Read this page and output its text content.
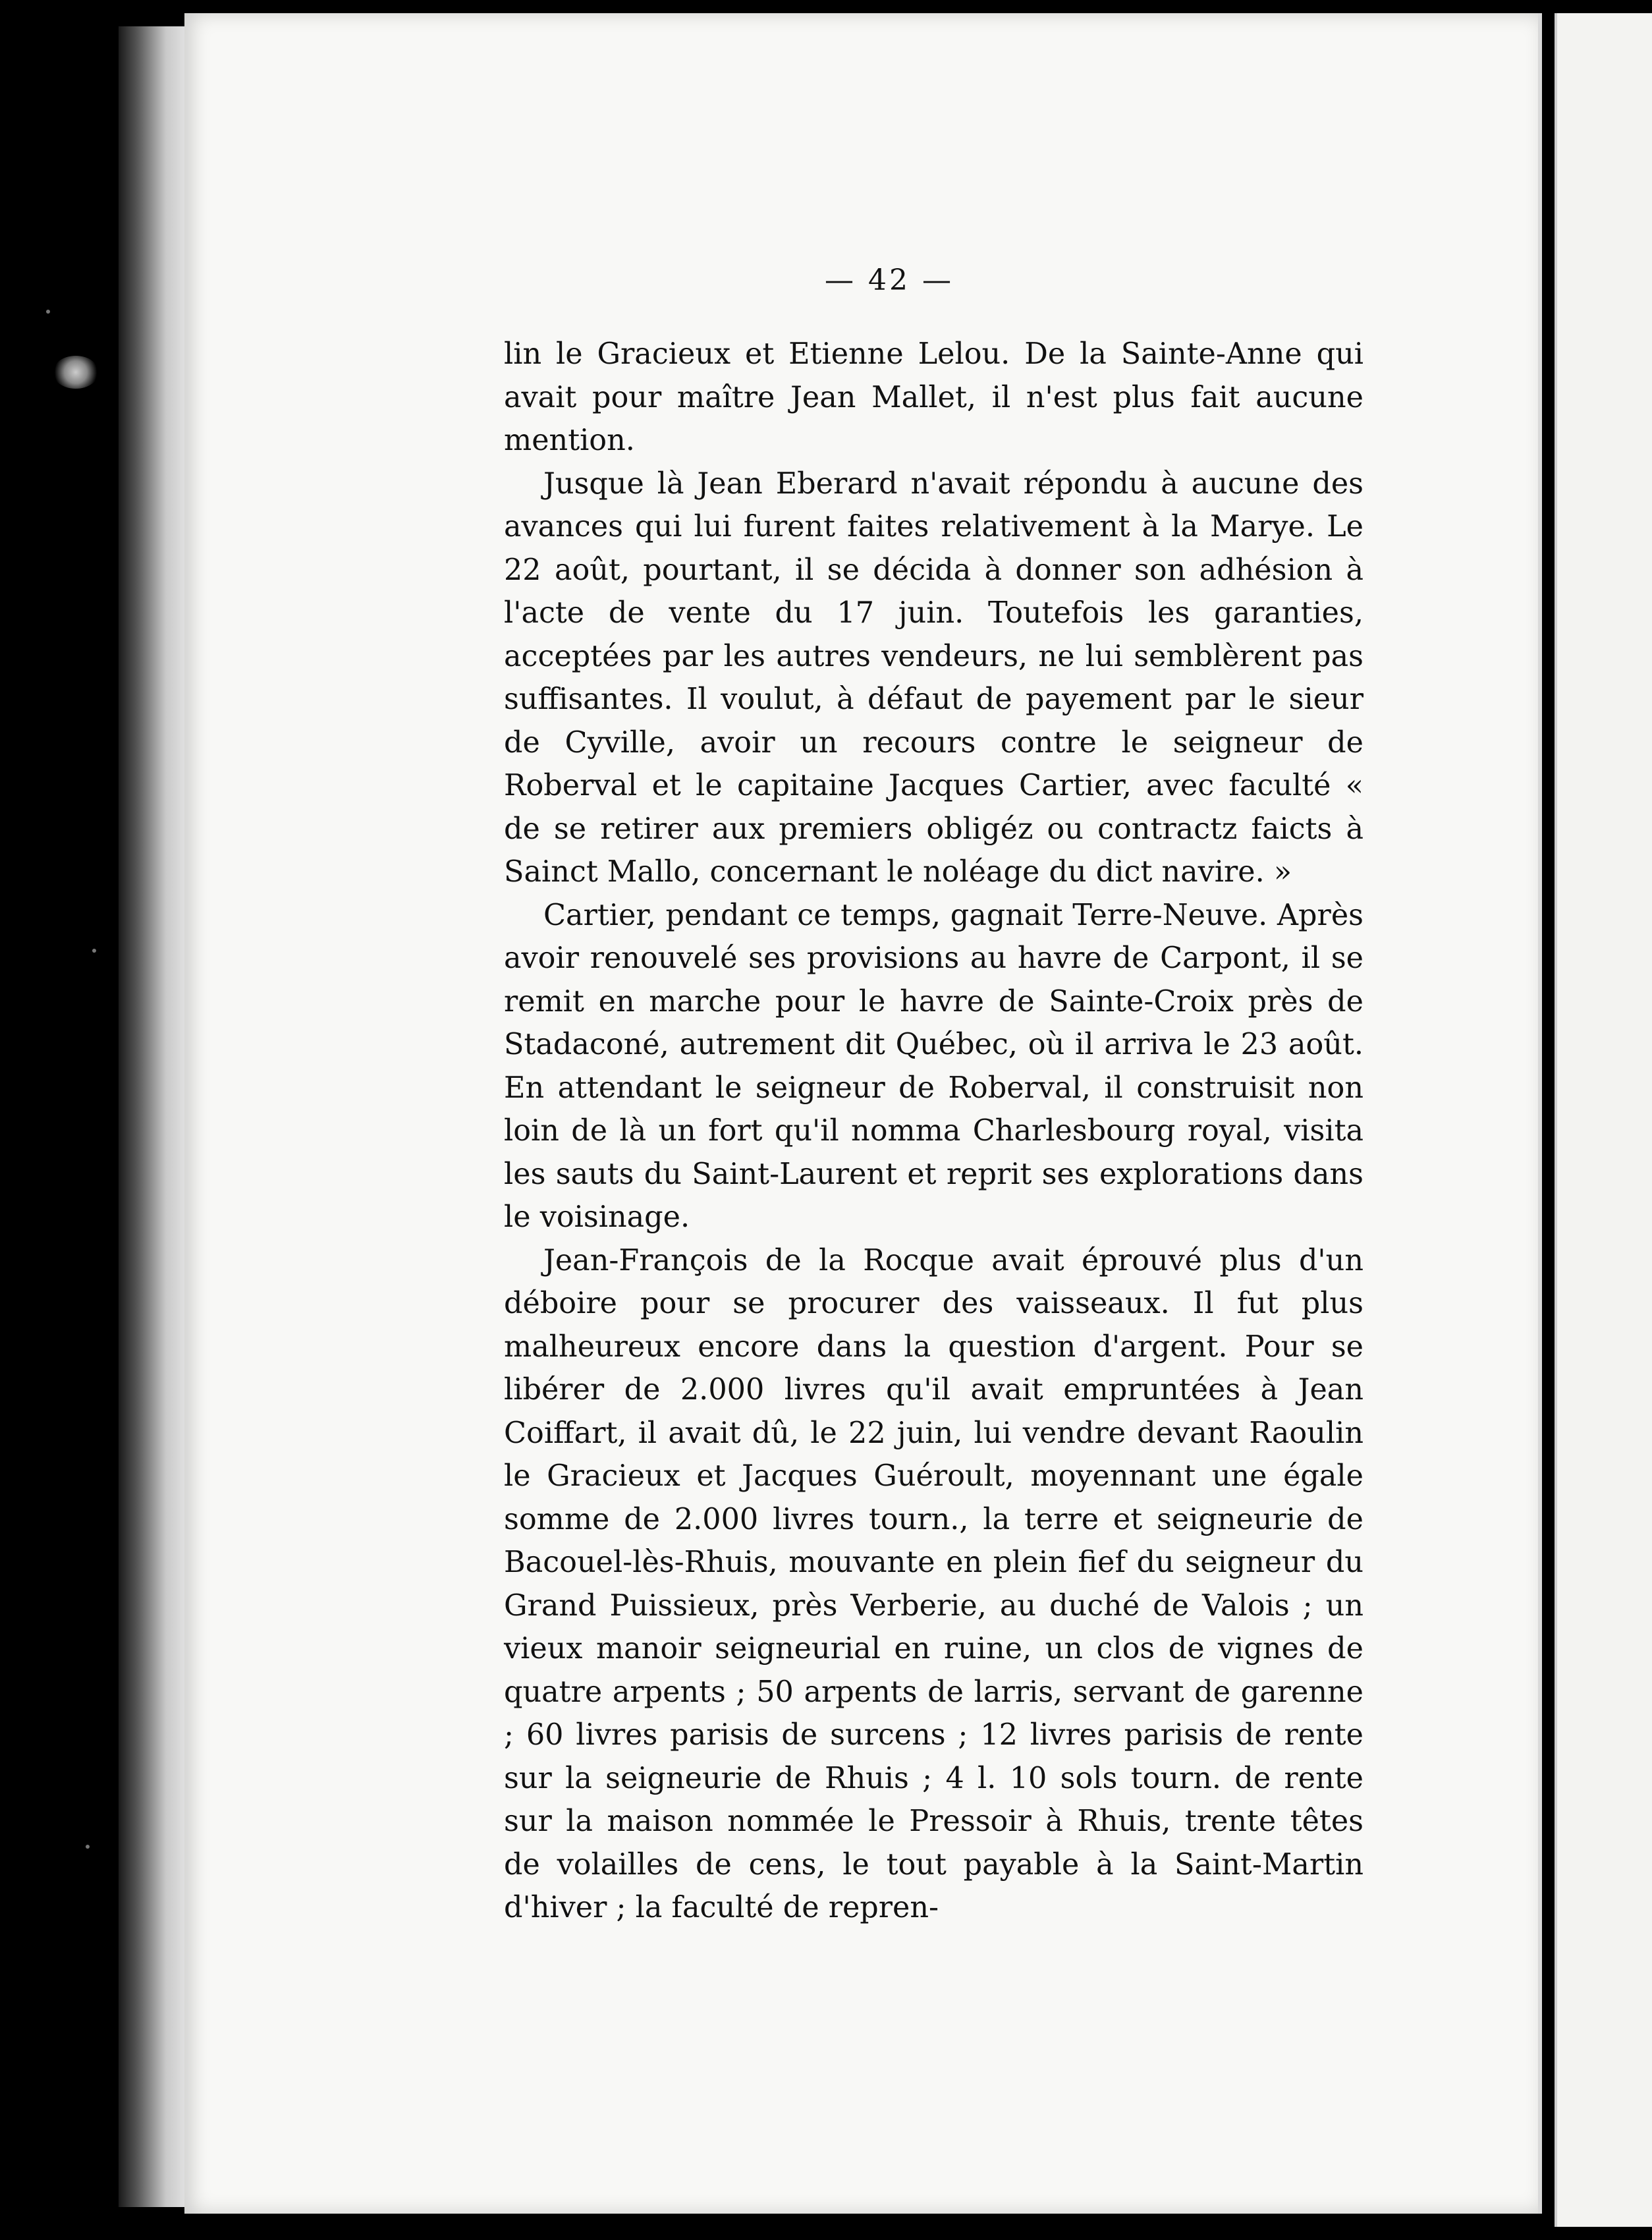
— 42 —

lin le Gracieux et Etienne Lelou. De la Sainte-Anne qui avait pour maître Jean Mallet, il n'est plus fait aucune mention.

Jusque là Jean Eberard n'avait répondu à aucune des avances qui lui furent faites relativement à la Marye. Le 22 août, pourtant, il se décida à donner son adhésion à l'acte de vente du 17 juin. Toutefois les garanties, acceptées par les autres vendeurs, ne lui semblèrent pas suffisantes. Il voulut, à défaut de payement par le sieur de Cyville, avoir un recours contre le seigneur de Roberval et le capitaine Jacques Cartier, avec faculté « de se retirer aux premiers obligéz ou contractz faicts à Sainct Mallo, concernant le noléage du dict navire. »

Cartier, pendant ce temps, gagnait Terre-Neuve. Après avoir renouvelé ses provisions au havre de Carpont, il se remit en marche pour le havre de Sainte-Croix près de Stadaconé, autrement dit Québec, où il arriva le 23 août. En attendant le seigneur de Roberval, il construisit non loin de là un fort qu'il nomma Charlesbourg royal, visita les sauts du Saint-Laurent et reprit ses explorations dans le voisinage.

Jean-François de la Rocque avait éprouvé plus d'un déboire pour se procurer des vaisseaux. Il fut plus malheureux encore dans la question d'argent. Pour se libérer de 2.000 livres qu'il avait empruntées à Jean Coiffart, il avait dû, le 22 juin, lui vendre devant Raoulin le Gracieux et Jacques Guéroult, moyennant une égale somme de 2.000 livres tourn., la terre et seigneurie de Bacouel-lès-Rhuis, mouvante en plein fief du seigneur du Grand Puissieux, près Verberie, au duché de Valois ; un vieux manoir seigneurial en ruine, un clos de vignes de quatre arpents ; 50 arpents de larris, servant de garenne ; 60 livres parisis de surcens ; 12 livres parisis de rente sur la seigneurie de Rhuis ; 4 l. 10 sols tourn. de rente sur la maison nommée le Pressoir à Rhuis, trente têtes de volailles de cens, le tout payable à la Saint-Martin d'hiver ; la faculté de repren-
